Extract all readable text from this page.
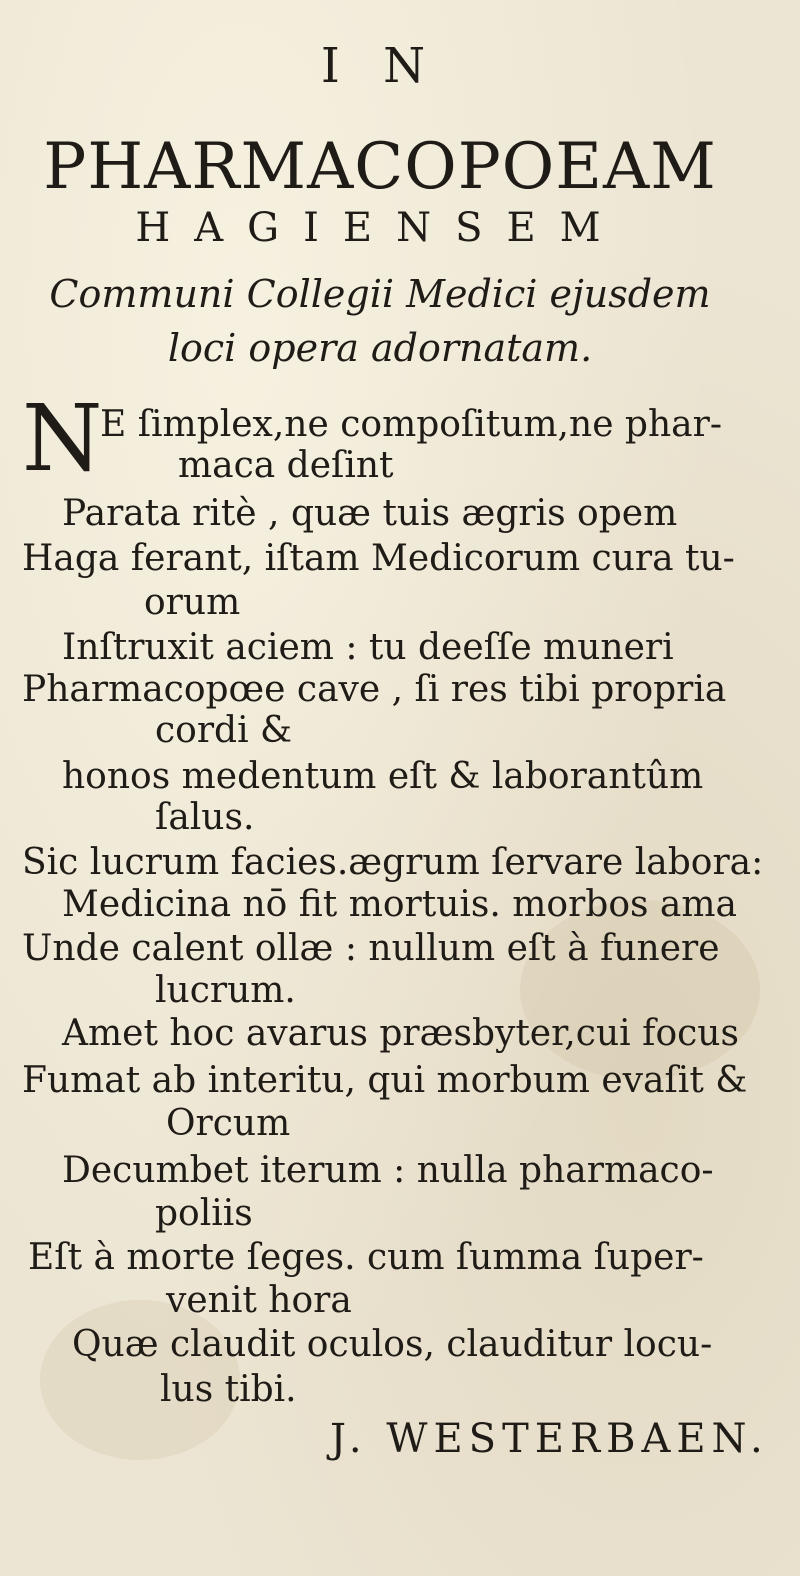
I N
PHARMACOPOEAM
HAGIENSEM
Communi Collegii Medici ejusdem
loci opera adornatam.
N
E ſimplex,ne compoſitum,ne phar-
maca deſint
Parata ritè , quæ tuis ægris opem
Haga ferant, iſtam Medicorum cura tu-
orum
Inſtruxit aciem : tu deeſſe muneri
Pharmacopœe cave , ſi res tibi propria
cordi &
honos medentum eſt & laborantûm
ſalus.
Sic lucrum facies.ægrum ſervare labora:
Medicina nō fit mortuis. morbos ama
Unde calent ollæ : nullum eſt à funere
lucrum.
Amet hoc avarus præsbyter,cui focus
Fumat ab interitu, qui morbum evaſit &
Orcum
Decumbet iterum : nulla pharmaco-
poliis
Eſt à morte ſeges. cum ſumma ſuper-
venit hora
Quæ claudit oculos, clauditur locu-
lus tibi.
J. WESTERBAEN.
